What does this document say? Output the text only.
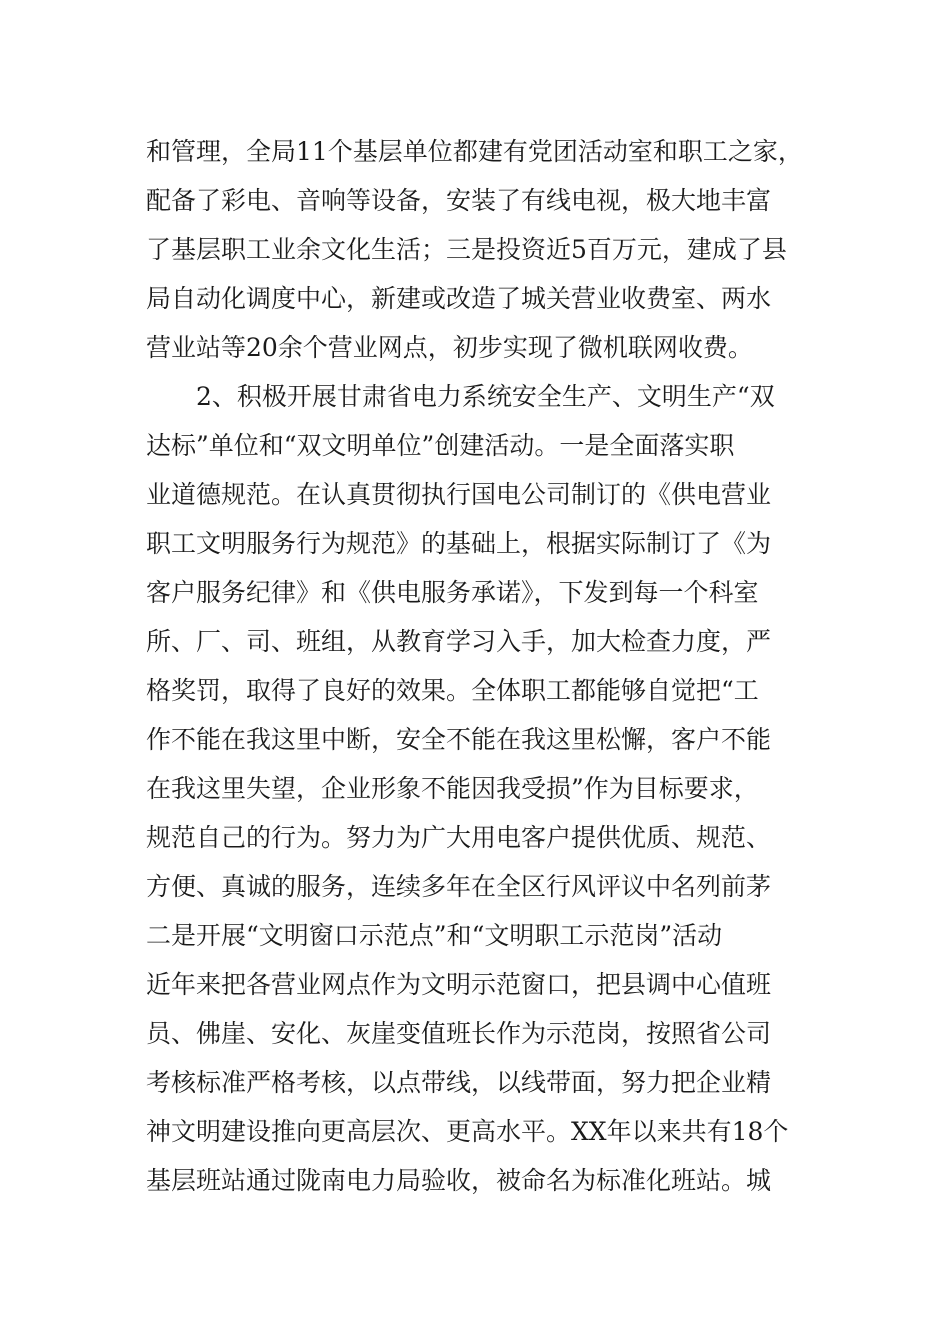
和管理，全局11个基层单位都建有党团活动室和职工之家，
配备了彩电、音响等设备，安装了有线电视，极大地丰富
了基层职工业余文化生活；三是投资近5百万元，建成了县
局自动化调度中心，新建或改造了城关营业收费室、两水
营业站等20余个营业网点，初步实现了微机联网收费。
2、积极开展甘肃省电力系统安全生产、文明生产“双
达标”单位和“双文明单位”创建活动。一是全面落实职
业道德规范。在认真贯彻执行国电公司制订的《供电营业
职工文明服务行为规范》的基础上，根据实际制订了《为
客户服务纪律》和《供电服务承诺》，下发到每一个科室
所、厂、司、班组，从教育学习入手，加大检查力度，严
格奖罚，取得了良好的效果。全体职工都能够自觉把“工
作不能在我这里中断，安全不能在我这里松懈，客户不能
在我这里失望，企业形象不能因我受损”作为目标要求，
规范自己的行为。努力为广大用电客户提供优质、规范、
方便、真诚的服务，连续多年在全区行风评议中名列前茅
二是开展“文明窗口示范点”和“文明职工示范岗”活动
近年来把各营业网点作为文明示范窗口，把县调中心值班
员、佛崖、安化、灰崖变值班长作为示范岗，按照省公司
考核标准严格考核，以点带线，以线带面，努力把企业精
神文明建设推向更高层次、更高水平。XX年以来共有18个
基层班站通过陇南电力局验收，被命名为标准化班站。城
